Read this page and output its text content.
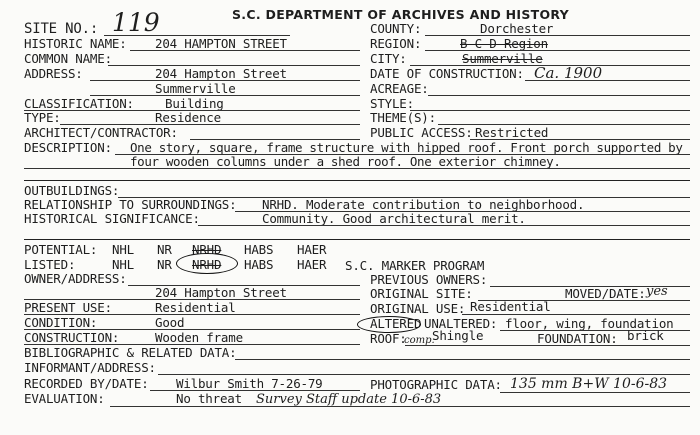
S.C. DEPARTMENT OF ARCHIVES AND HISTORY
SITE NO.: 119
HISTORIC NAME: 204 HAMPTON STREET
COMMON NAME:
ADDRESS:	204 Hampton Street
Summerville
CLASSIFICATION: Building
TYPE:	Residence
ARCHITECT/CONTRACTOR:
COUNTY:	Dorchester
REGION:	B-C-D Region
CITY:	Summerville
DATE OF CONSTRUCTION: Ca. 1900
ACREAGE:
STYLE:
THEME(S):
PUBLIC ACCESS: Restricted
DESCRIPTION: One story, square, frame structure with hipped roof. Front porch supported by
four wooden columns under a shed roof. One exterior chimney.
OUTBUILDINGS:
RELATIONSHIP TO SURROUNDINGS: NRHD. Moderate contribution to neighborhood.
HISTORICAL SIGNIFICANCE:	Community. Good architectural merit.
POTENTIAL: NHL NR NRHD HABS HAER
LISTED:	NHL NR NRHD HABS HAER S.C. MARKER PROGRAM
OWNER/ADDRESS:
204 Hampton Street
PREVIOUS OWNERS:
ORIGINAL SITE:	MOVED/DATE: yes
PRESENT USE:	Residential	ORIGINAL USE: Residential
CONDITION:	Good	ALTERED UNALTERED: floor, wing, foundation
CONSTRUCTION:	Wooden frame	ROOF:
comp.
Shingle	FOUNDATION: brick
BIBLIOGRAPHIC & RELATED DATA:
INFORMANT/ADDRESS:
RECORDED BY/DATE: Wilbur Smith 7-26-79	PHOTOGRAPHIC DATA: 135 mm B+W 10-6-83
EVALUATION:	No threat Survey Staff update 10-6-83
